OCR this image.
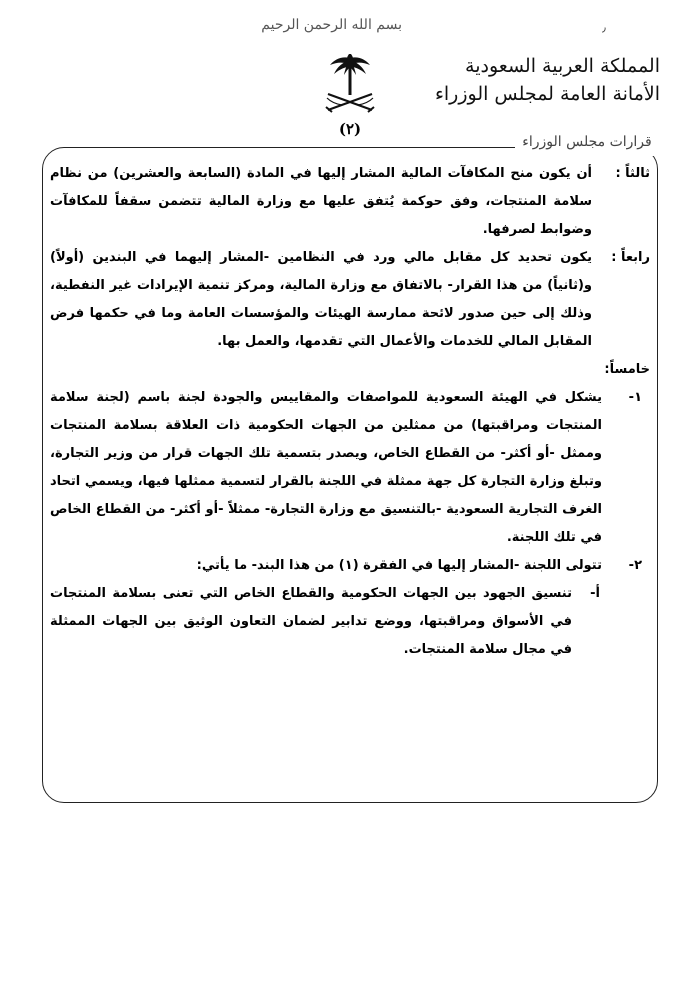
بسم الله الرحمن الرحيم	٫
(٢)
المملكة العربية السعودية
الأمانة العامة لمجلس الوزراء
قرارات مجلس الوزراء
ثالثاً :

أن يكون منح المكافآت المالية المشار إليها في المادة (السابعة والعشرين) من نظام سلامة المنتجات، وفق حوكمة يُتفق عليها مع وزارة المالية تتضمن سقفاً للمكافآت وضوابط لصرفها.

رابعاً :

يكون تحديد كل مقابل مالي ورد في النظامين -المشار إليهما في البندين (أولاً) و(ثانياً) من هذا القرار- بالاتفاق مع وزارة المالية، ومركز تنمية الإيرادات غير النفطية، وذلك إلى حين صدور لائحة ممارسة الهيئات والمؤسسات العامة وما في حكمها فرض المقابل المالي للخدمات والأعمال التي تقدمها، والعمل بها.

خامساً:

١-

يشكل في الهيئة السعودية للمواصفات والمقاييس والجودة لجنة باسم (لجنة سلامة المنتجات ومراقبتها) من ممثلين من الجهات الحكومية ذات العلاقة بسلامة المنتجات وممثل -أو أكثر- من القطاع الخاص، ويصدر بتسمية تلك الجهات قرار من وزير التجارة، وتبلغ وزارة التجارة كل جهة ممثلة في اللجنة بالقرار لتسمية ممثلها فيها، ويسمي اتحاد الغرف التجارية السعودية -بالتنسيق مع وزارة التجارة- ممثلاً -أو أكثر- من القطاع الخاص في تلك اللجنة.

٢-

تتولى اللجنة -المشار إليها في الفقرة (١) من هذا البند- ما يأتي:

أ-

تنسيق الجهود بين الجهات الحكومية والقطاع الخاص التي تعنى بسلامة المنتجات في الأسواق ومراقبتها، ووضع تدابير لضمان التعاون الوثيق بين الجهات الممثلة في مجال سلامة المنتجات.
